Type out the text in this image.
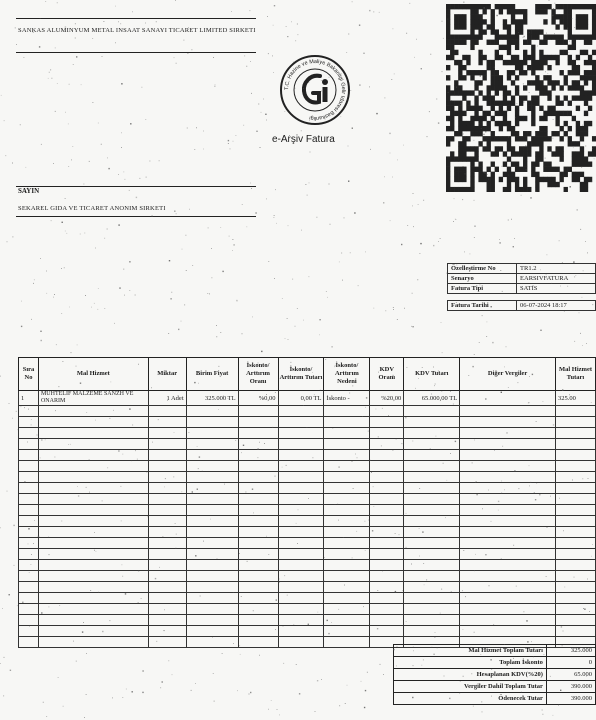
SANKAS ALUMINYUM METAL INSAAT SANAYI TICARET LIMITED SIRKETI
SAYIN
SEKAREL GIDA VE TICARET ANONIM SIRKETI
T.C. Hazine ve Maliye Bakanligi Gelir Idaresi Baskanligi
e-Arşiv Fatura
Özelleştirme No	TR1.2
Senaryo	EARSIVFATURA
Fatura Tipi	SATIS

Fatura Tarihi	06-07-2024 18:17
Sıra No	Mal Hizmet	Miktar	Birim Fiyat	İskonto/ Arttırım Oranı	İskonto/ Arttırım Tutarı	İskonto/ Arttırım Nedeni	KDV Oranı	KDV Tutarı	Diğer Vergiler	Mal Hizmet Tutarı
1	MUHTELIF MALZEME SANZH VE ONARIM	1 Adet	325.000 TL	%0,00	0,00 TL	İskonto -	%20,00	65.000,00 TL		325.00

Mal Hizmet Toplam Tutarı	325.000
Toplam İskonto	0
Hesaplanan KDV(%20)	65.000
Vergiler Dahil Toplam Tutar	390.000
Ödenecek Tutar	390.000
